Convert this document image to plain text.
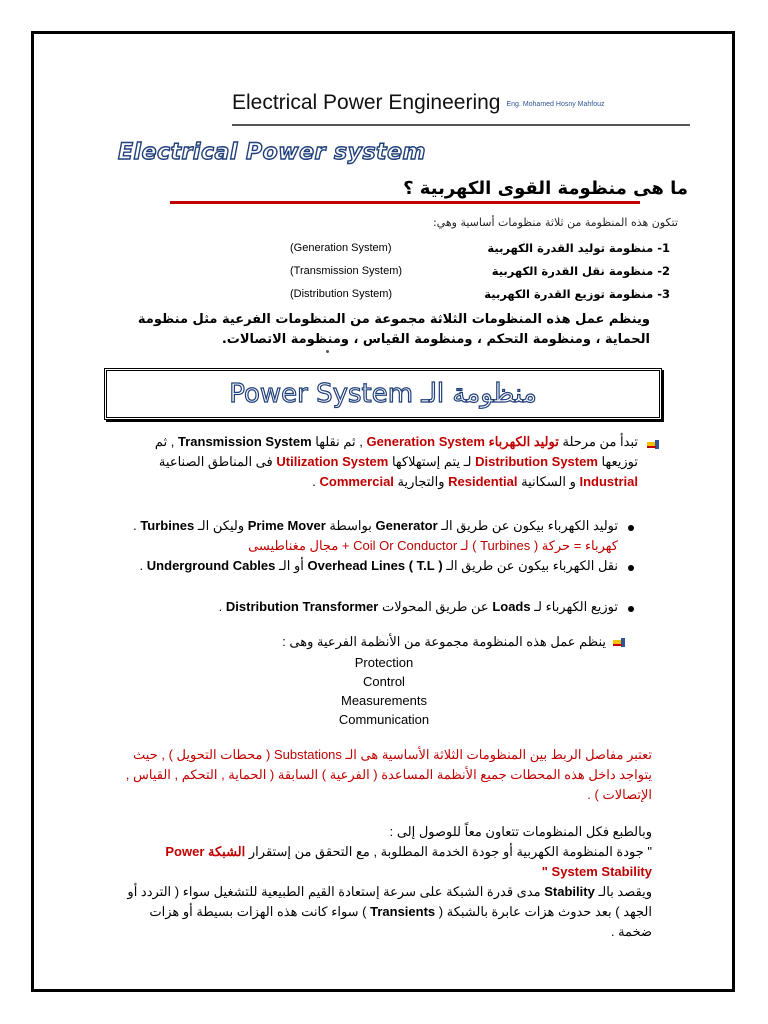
Electrical Power Engineering Eng. Mohamed Hosny Mahfouz
Electrical Power system
ما هى منظومة القوى الكهربية ؟
تتكون هذه المنظومة من ثلاثة منظومات أساسية وهي:
(Generation System)	1- منظومة توليد القدرة الكهربية
(Transmission System)	2- منظومة نقل القدرة الكهربية
(Distribution System)	3- منظومة توزيع القدرة الكهربية
وينظم عمل هذه المنظومات الثلاثة مجموعة من المنظومات الفرعية مثل منظومة الحماية ، ومنظومة التحكم ، ومنظومة القياس ، ومنظومة الاتصالات.
Power System منظومة الـ
تبدأ من مرحلة توليد الكهرباء Generation System , ثم نقلها Transmission System , ثم توزيعها Distribution System لـ يتم إستهلاكها Utilization System فى المناطق الصناعية Industrial و السكانية Residential والتجارية Commercial .
توليد الكهرباء بيكون عن طريق الـ Generator بواسطة Prime Mover وليكن الـ Turbines .
كهرباء = حركة ( Turbines ) لـ Coil Or Conductor + مجال مغناطيسى
نقل الكهرباء بيكون عن طريق الـ ( T.L ) Overhead Lines أو الـ Underground Cables .
توزيع الكهرباء لـ Loads عن طريق المحولات Distribution Transformer .
ينظم عمل هذه المنظومة مجموعة من الأنظمة الفرعية وهى :
Protection
Control
Measurements
Communication
تعتبر مفاصل الربط بين المنظومات الثلاثة الأساسية هى الـ Substations ( محطات التحويل ) , حيث يتواجد داخل هذه المحطات جميع الأنظمة المساعدة ( الفرعية ) السابقة ( الحماية , التحكم , القياس , الإتصالات ) .
وبالطبع فكل المنظومات تتعاون معاً للوصول إلى :
" جودة المنظومة الكهربية أو جودة الخدمة المطلوبة , مع التحقق من إستقرار الشبكة Power System Stability "
ويقصد بالـ Stability مدى قدرة الشبكة على سرعة إستعادة القيم الطبيعية للتشغيل سواء ( التردد أو الجهد ) بعد حدوث هزات عابرة بالشبكة ( Transients ) سواء كانت هذه الهزات بسيطة أو هزات ضخمة .
